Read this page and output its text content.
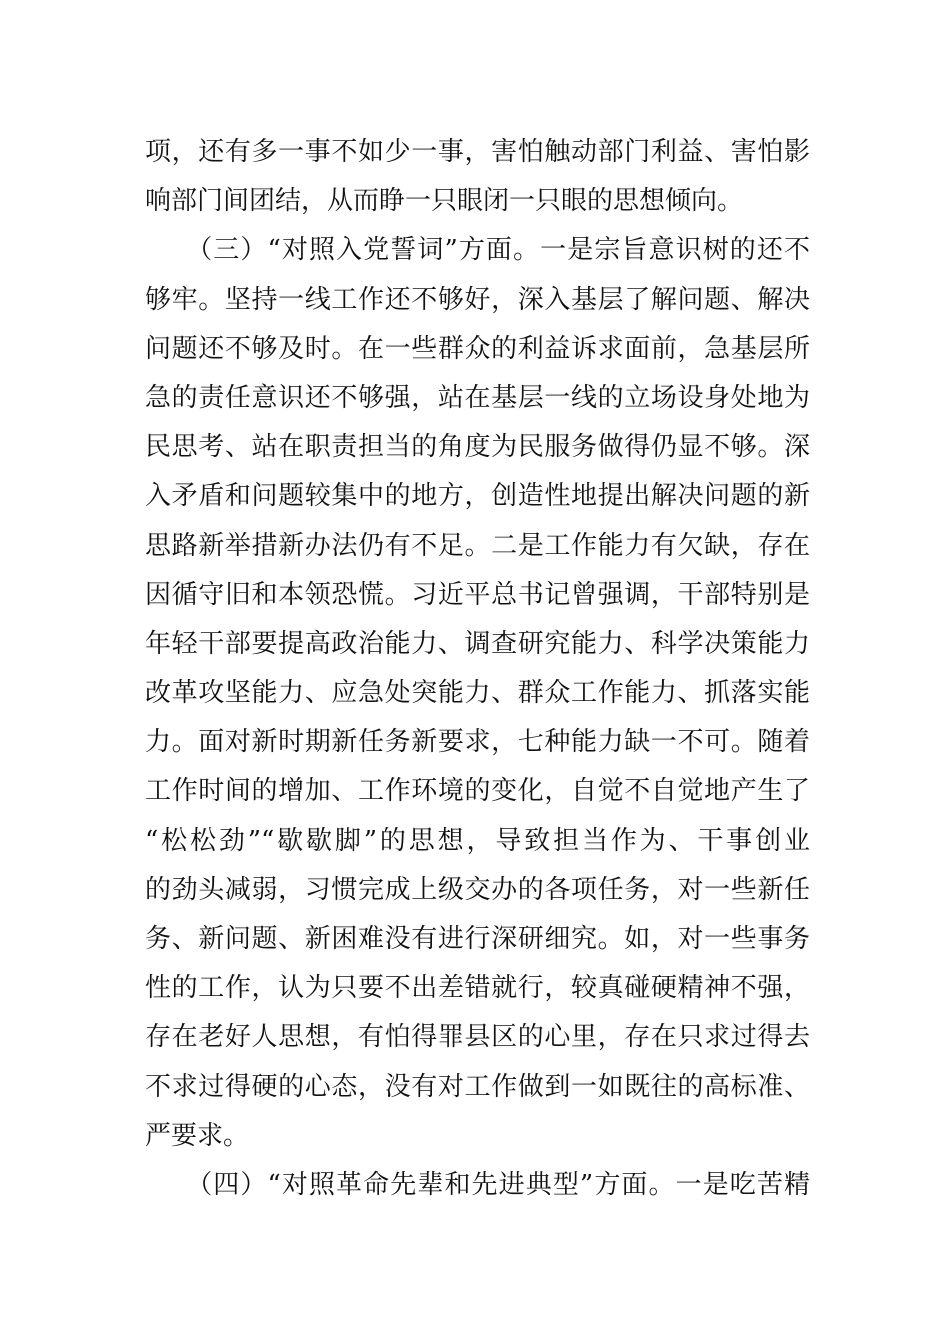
项，还有多一事不如少一事，害怕触动部门利益、害怕影
响部门间团结，从而睁一只眼闭一只眼的思想倾向。
　　（三）“对照入党誓词”方面。一是宗旨意识树的还不
够牢。坚持一线工作还不够好，深入基层了解问题、解决
问题还不够及时。在一些群众的利益诉求面前，急基层所
急的责任意识还不够强，站在基层一线的立场设身处地为
民思考、站在职责担当的角度为民服务做得仍显不够。深
入矛盾和问题较集中的地方，创造性地提出解决问题的新
思路新举措新办法仍有不足。二是工作能力有欠缺，存在
因循守旧和本领恐慌。习近平总书记曾强调，干部特别是
年轻干部要提高政治能力、调查研究能力、科学决策能力
改革攻坚能力、应急处突能力、群众工作能力、抓落实能
力。面对新时期新任务新要求，七种能力缺一不可。随着
工作时间的增加、工作环境的变化，自觉不自觉地产生了
“松松劲”“歇歇脚”的思想，导致担当作为、干事创业
的劲头减弱，习惯完成上级交办的各项任务，对一些新任
务、新问题、新困难没有进行深研细究。如，对一些事务
性的工作，认为只要不出差错就行，较真碰硬精神不强，
存在老好人思想，有怕得罪县区的心里，存在只求过得去
不求过得硬的心态，没有对工作做到一如既往的高标准、
严要求。
　　（四）“对照革命先辈和先进典型”方面。一是吃苦精
